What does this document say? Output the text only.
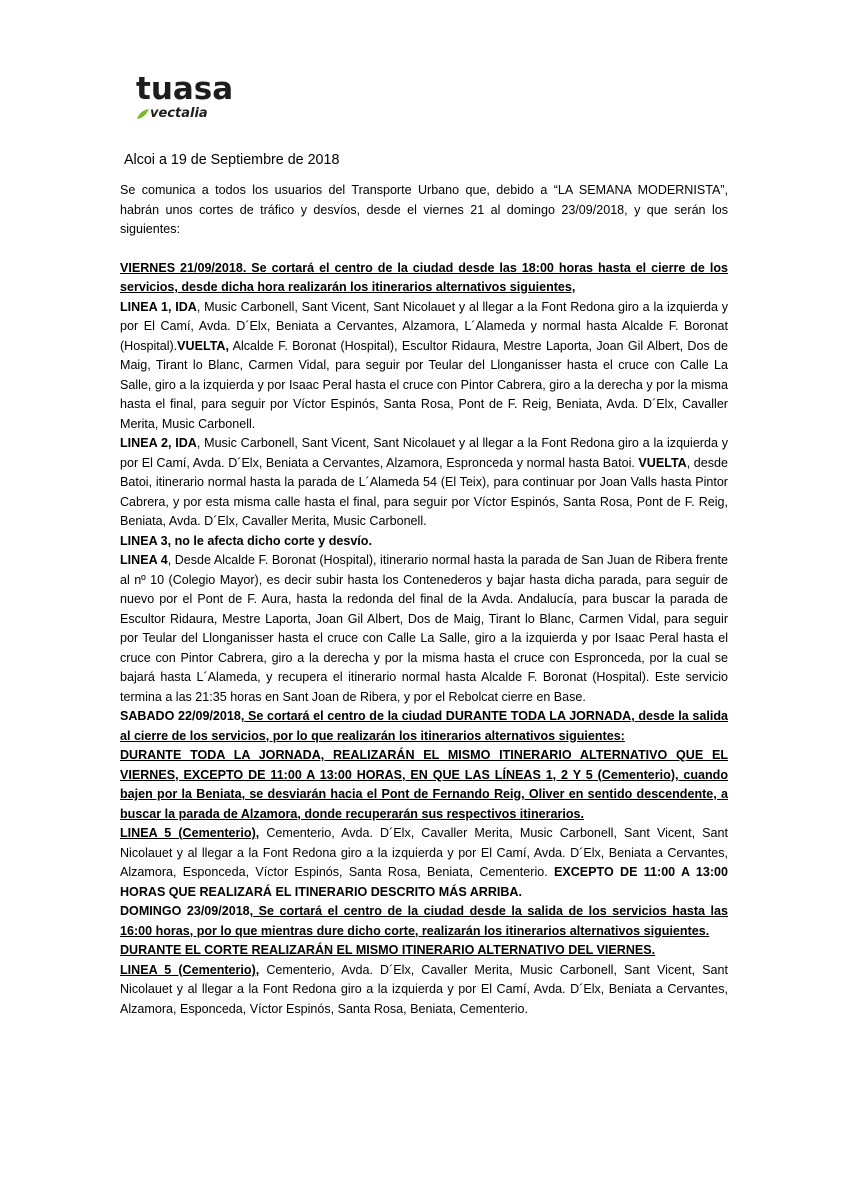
tuasa
vectalia
Alcoi a 19 de Septiembre de 2018

Se comunica a todos los usuarios del Transporte Urbano que, debido a “LA SEMANA MODERNISTA”, habrán unos cortes de tráfico y desvíos, desde el viernes 21 al domingo 23/09/2018, y que serán los siguientes:

VIERNES 21/09/2018. Se cortará el centro de la ciudad desde las 18:00 horas hasta el cierre de los servicios, desde dicha hora realizarán los itinerarios alternativos siguientes,

LINEA 1, IDA, Music Carbonell, Sant Vicent, Sant Nicolauet y al llegar a la Font Redona giro a la izquierda y por El Camí, Avda. D´Elx, Beniata a Cervantes, Alzamora, L´Alameda y normal hasta Alcalde F. Boronat (Hospital).VUELTA, Alcalde F. Boronat (Hospital), Escultor Ridaura, Mestre Laporta, Joan Gil Albert, Dos de Maig, Tirant lo Blanc, Carmen Vidal, para seguir por Teular del Llonganisser hasta el cruce con Calle La Salle, giro a la izquierda y por Isaac Peral hasta el cruce con Pintor Cabrera, giro a la derecha y por la misma hasta el final, para seguir por Víctor Espinós, Santa Rosa, Pont de F. Reig, Beniata, Avda. D´Elx, Cavaller Merita, Music Carbonell.

LINEA 2, IDA, Music Carbonell, Sant Vicent, Sant Nicolauet y al llegar a la Font Redona giro a la izquierda y por El Camí, Avda. D´Elx, Beniata a Cervantes, Alzamora, Espronceda y normal hasta Batoi. VUELTA, desde Batoi, itinerario normal hasta la parada de L´Alameda 54 (El Teix), para continuar por Joan Valls hasta Pintor Cabrera, y por esta misma calle hasta el final, para seguir por Víctor Espinós, Santa Rosa, Pont de F. Reig, Beniata, Avda. D´Elx, Cavaller Merita, Music Carbonell.

LINEA 3, no le afecta dicho corte y desvío.

LINEA 4, Desde Alcalde F. Boronat (Hospital), itinerario normal hasta la parada de San Juan de Ribera frente al nº 10 (Colegio Mayor), es decir subir hasta los Contenederos y bajar hasta dicha parada, para seguir de nuevo por el Pont de F. Aura, hasta la redonda del final de la Avda. Andalucía, para buscar la parada de Escultor Ridaura, Mestre Laporta, Joan Gil Albert, Dos de Maig, Tirant lo Blanc, Carmen Vidal, para seguir por Teular del Llonganisser hasta el cruce con Calle La Salle, giro a la izquierda y por Isaac Peral hasta el cruce con Pintor Cabrera, giro a la derecha y por la misma hasta el cruce con Espronceda, por la cual se bajará hasta L´Alameda, y recupera el itinerario normal hasta Alcalde F. Boronat (Hospital). Este servicio termina a las 21:35 horas en Sant Joan de Ribera, y por el Rebolcat cierre en Base.

SABADO 22/09/2018, Se cortará el centro de la ciudad DURANTE TODA LA JORNADA, desde la salida al cierre de los servicios, por lo que realizarán los itinerarios alternativos siguientes:

DURANTE TODA LA JORNADA, REALIZARÁN EL MISMO ITINERARIO ALTERNATIVO QUE EL VIERNES, EXCEPTO DE 11:00 A 13:00 HORAS, EN QUE LAS LÍNEAS 1, 2 Y 5 (Cementerio), cuando bajen por la Beniata, se desviarán hacia el Pont de Fernando Reig, Oliver en sentido descendente, a buscar la parada de Alzamora, donde recuperarán sus respectivos itinerarios.

LINEA 5 (Cementerio), Cementerio, Avda. D´Elx, Cavaller Merita, Music Carbonell, Sant Vicent, Sant Nicolauet y al llegar a la Font Redona giro a la izquierda y por El Camí, Avda. D´Elx, Beniata a Cervantes, Alzamora, Esponceda, Víctor Espinós, Santa Rosa, Beniata, Cementerio. EXCEPTO DE 11:00 A 13:00 HORAS QUE REALIZARÁ EL ITINERARIO DESCRITO MÁS ARRIBA.

DOMINGO 23/09/2018, Se cortará el centro de la ciudad desde la salida de los servicios hasta las 16:00 horas, por lo que mientras dure dicho corte, realizarán los itinerarios alternativos siguientes.

DURANTE EL CORTE REALIZARÁN EL MISMO ITINERARIO ALTERNATIVO DEL VIERNES.

LINEA 5 (Cementerio), Cementerio, Avda. D´Elx, Cavaller Merita, Music Carbonell, Sant Vicent, Sant Nicolauet y al llegar a la Font Redona giro a la izquierda y por El Camí, Avda. D´Elx, Beniata a Cervantes, Alzamora, Esponceda, Víctor Espinós, Santa Rosa, Beniata, Cementerio.
